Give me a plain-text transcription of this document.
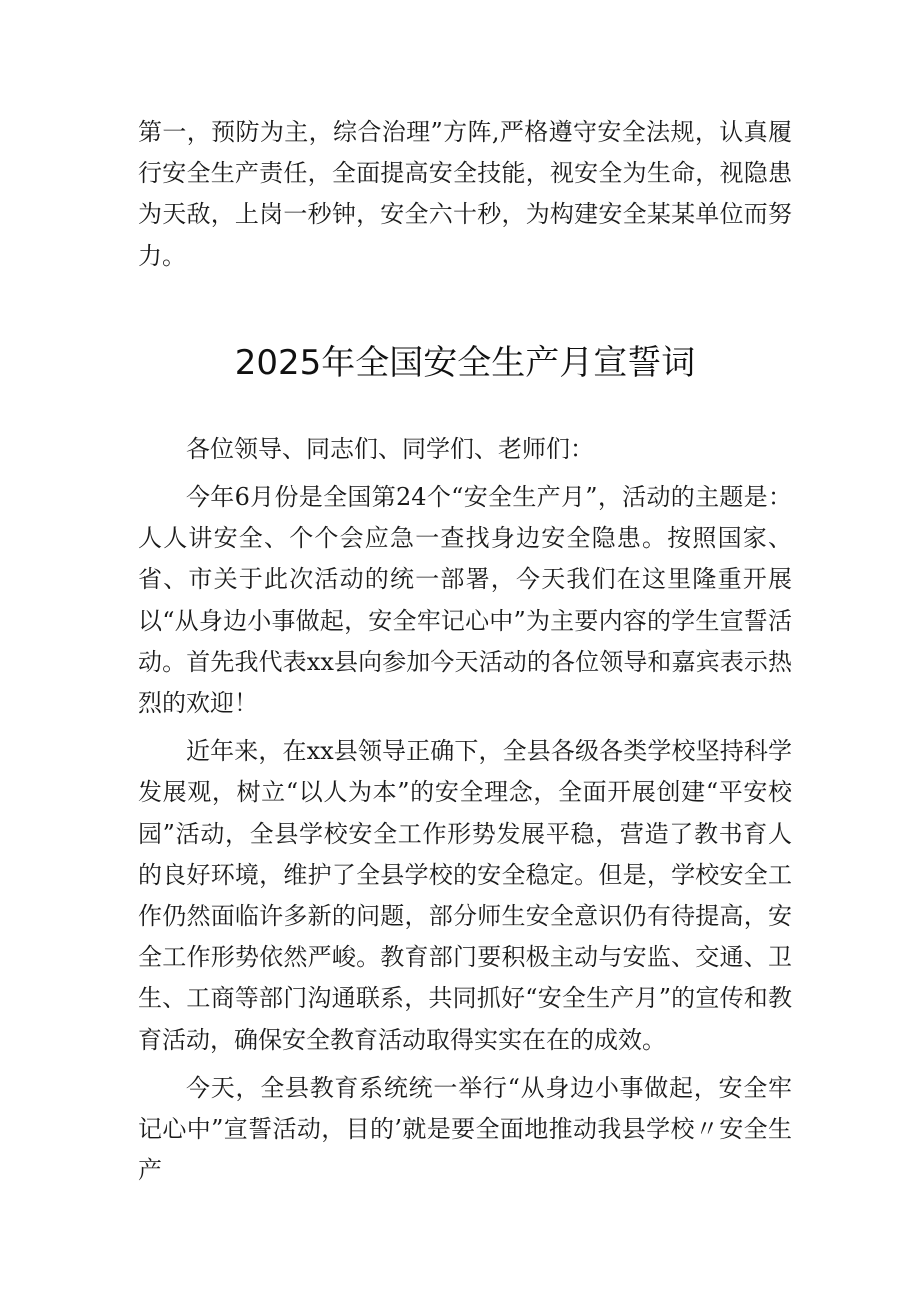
第一，预防为主，综合治理”方阵,严格遵守安全法规，认真履行安全生产责任，全面提高安全技能，视安全为生命，视隐患为天敌，上岗一秒钟，安全六十秒，为构建安全某某单位而努力。

2025年全国安全生产月宣誓词

各位领导、同志们、同学们、老师们：

今年6月份是全国第24个“安全生产月”，活动的主题是：人人讲安全、个个会应急一查找身边安全隐患。按照国家、省、市关于此次活动的统一部署，今天我们在这里隆重开展以“从身边小事做起，安全牢记心中”为主要内容的学生宣誓活动。首先我代表xx县向参加今天活动的各位领导和嘉宾表示热烈的欢迎！

近年来，在xx县领导正确下，全县各级各类学校坚持科学发展观，树立“以人为本”的安全理念，全面开展创建“平安校园”活动，全县学校安全工作形势发展平稳，营造了教书育人的良好环境，维护了全县学校的安全稳定。但是，学校安全工作仍然面临许多新的问题，部分师生安全意识仍有待提高，安全工作形势依然严峻。教育部门要积极主动与安监、交通、卫生、工商等部门沟通联系，共同抓好“安全生产月”的宣传和教育活动，确保安全教育活动取得实实在在的成效。

今天，全县教育系统统一举行“从身边小事做起，安全牢记心中”宣誓活动，目的’就是要全面地推动我县学校〃安全生产
